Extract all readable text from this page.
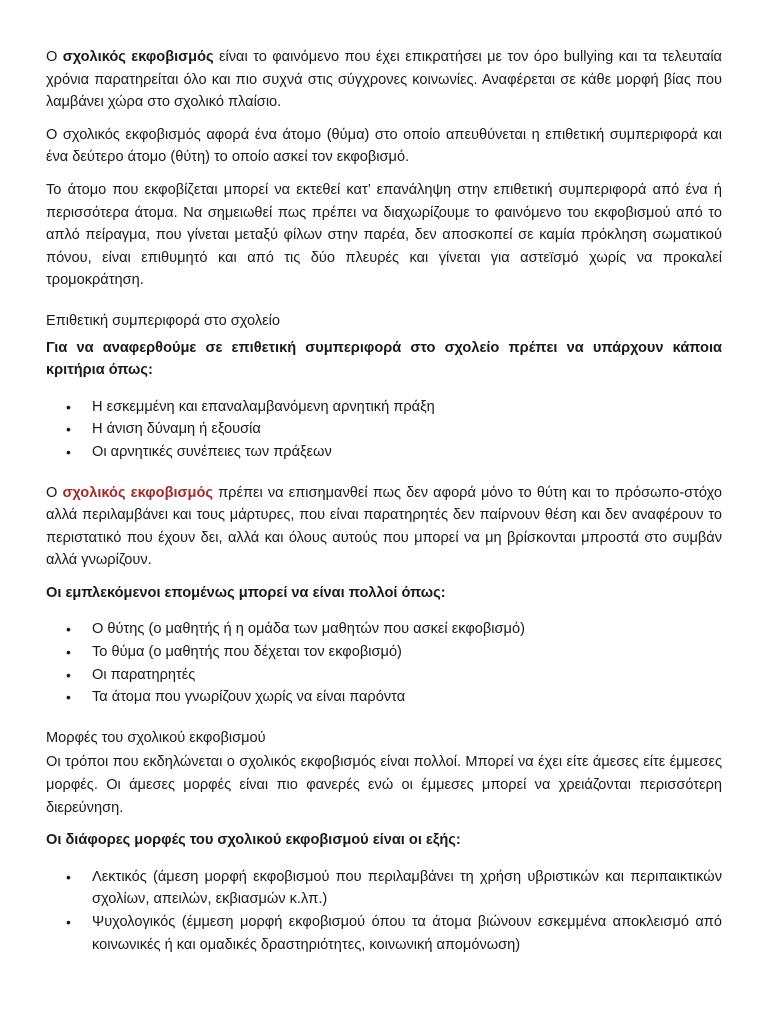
Ο σχολικός εκφοβισμός είναι το φαινόμενο που έχει επικρατήσει με τον όρο bullying και τα τελευταία χρόνια παρατηρείται όλο και πιο συχνά στις σύγχρονες κοινωνίες. Αναφέρεται σε κάθε μορφή βίας που λαμβάνει χώρα στο σχολικό πλαίσιο.

Ο σχολικός εκφοβισμός αφορά ένα άτομο (θύμα) στο οποίο απευθύνεται η επιθετική συμπεριφορά και ένα δεύτερο άτομο (θύτη) το οποίο ασκεί τον εκφοβισμό.

Το άτομο που εκφοβίζεται μπορεί να εκτεθεί κατ’ επανάληψη στην επιθετική συμπεριφορά από ένα ή περισσότερα άτομα. Να σημειωθεί πως πρέπει να διαχωρίζουμε το φαινόμενο του εκφοβισμού από το απλό πείραγμα, που γίνεται μεταξύ φίλων στην παρέα, δεν αποσκοπεί σε καμία πρόκληση σωματικού πόνου, είναι επιθυμητό και από τις δύο πλευρές και γίνεται για αστεϊσμό χωρίς να προκαλεί τρομοκράτηση.

Επιθετική συμπεριφορά στο σχολείο

Για να αναφερθούμε σε επιθετική συμπεριφορά στο σχολείο πρέπει να υπάρχουν κάποια κριτήρια όπως:

• Η εσκεμμένη και επαναλαμβανόμενη αρνητική πράξη
• Η άνιση δύναμη ή εξουσία
• Οι αρνητικές συνέπειες των πράξεων

Ο σχολικός εκφοβισμός πρέπει να επισημανθεί πως δεν αφορά μόνο το θύτη και το πρόσωπο-στόχο αλλά περιλαμβάνει και τους μάρτυρες, που είναι παρατηρητές δεν παίρνουν θέση και δεν αναφέρουν το περιστατικό που έχουν δει, αλλά και όλους αυτούς που μπορεί να μη βρίσκονται μπροστά στο συμβάν αλλά γνωρίζουν.

Οι εμπλεκόμενοι επομένως μπορεί να είναι πολλοί όπως:

• Ο θύτης (ο μαθητής ή η ομάδα των μαθητών που ασκεί εκφοβισμό)
• Το θύμα (ο μαθητής που δέχεται τον εκφοβισμό)
• Οι παρατηρητές
• Τα άτομα που γνωρίζουν χωρίς να είναι παρόντα

Μορφές του σχολικού εκφοβισμού

Οι τρόποι που εκδηλώνεται ο σχολικός εκφοβισμός είναι πολλοί. Μπορεί να έχει είτε άμεσες είτε έμμεσες μορφές. Οι άμεσες μορφές είναι πιο φανερές ενώ οι έμμεσες μπορεί να χρειάζονται περισσότερη διερεύνηση.

Οι διάφορες μορφές του σχολικού εκφοβισμού είναι οι εξής:

• Λεκτικός (άμεση μορφή εκφοβισμού που περιλαμβάνει τη χρήση υβριστικών και περιπαικτικών σχολίων, απειλών, εκβιασμών κ.λπ.)
• Ψυχολογικός (έμμεση μορφή εκφοβισμού όπου τα άτομα βιώνουν εσκεμμένα αποκλεισμό από κοινωνικές ή και ομαδικές δραστηριότητες, κοινωνική απομόνωση)
